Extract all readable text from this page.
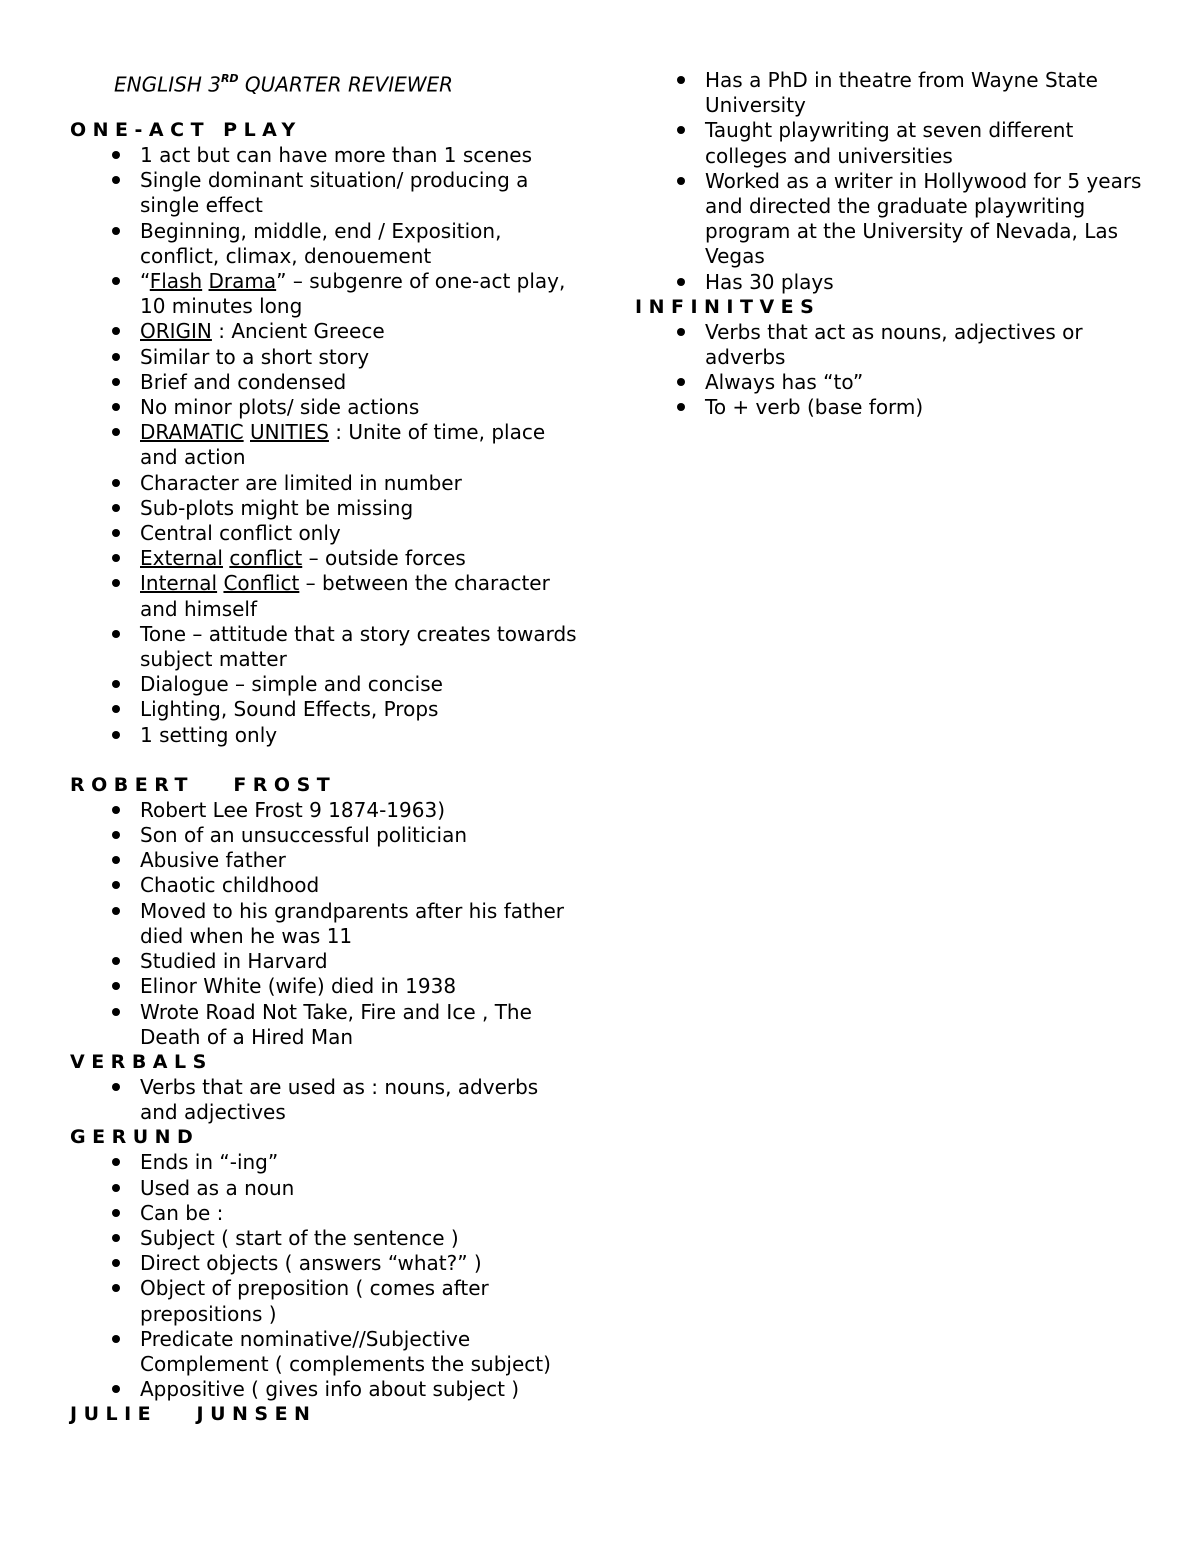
ENGLISH 3RD QUARTER REVIEWER
ONE-ACT PLAY
1 act but can have more than 1 scenes
Single dominant situation/ producing a single effect
Beginning, middle, end / Exposition, conflict, climax, denouement
“Flash Drama” – subgenre of one-act play, 10 minutes long
ORIGIN : Ancient Greece
Similar to a short story
Brief and condensed
No minor plots/ side actions
DRAMATIC UNITIES : Unite of time, place and action
Character are limited in number
Sub-plots might be missing
Central conflict only
External conflict – outside forces
Internal Conflict – between the character and himself
Tone – attitude that a story creates towards subject matter
Dialogue – simple and concise
Lighting, Sound Effects, Props
1 setting only
ROBERT   FROST
Robert Lee Frost 9 1874-1963)
Son of an unsuccessful politician
Abusive father
Chaotic childhood
Moved to his grandparents after his father died when he was 11
Studied in Harvard
Elinor White (wife) died in 1938
Wrote Road Not Take, Fire and Ice , The Death of a Hired Man
VERBALS
Verbs that are used as : nouns, adverbs and adjectives
GERUND
Ends in “-ing”
Used as a noun
Can be :
Subject ( start of the sentence )
Direct objects ( answers “what?” )
Object of preposition ( comes after prepositions )
Predicate nominative//Subjective Complement ( complements the subject)
Appositive ( gives info about subject )
JULIE   JUNSEN
Has a PhD in theatre from Wayne State University
Taught playwriting at seven different colleges and universities
Worked as a writer in Hollywood for 5 years and directed the graduate playwriting program at the University of Nevada, Las Vegas
Has 30 plays
INFINITVES
Verbs that act as nouns, adjectives or adverbs
Always has “to”
To + verb (base form)
